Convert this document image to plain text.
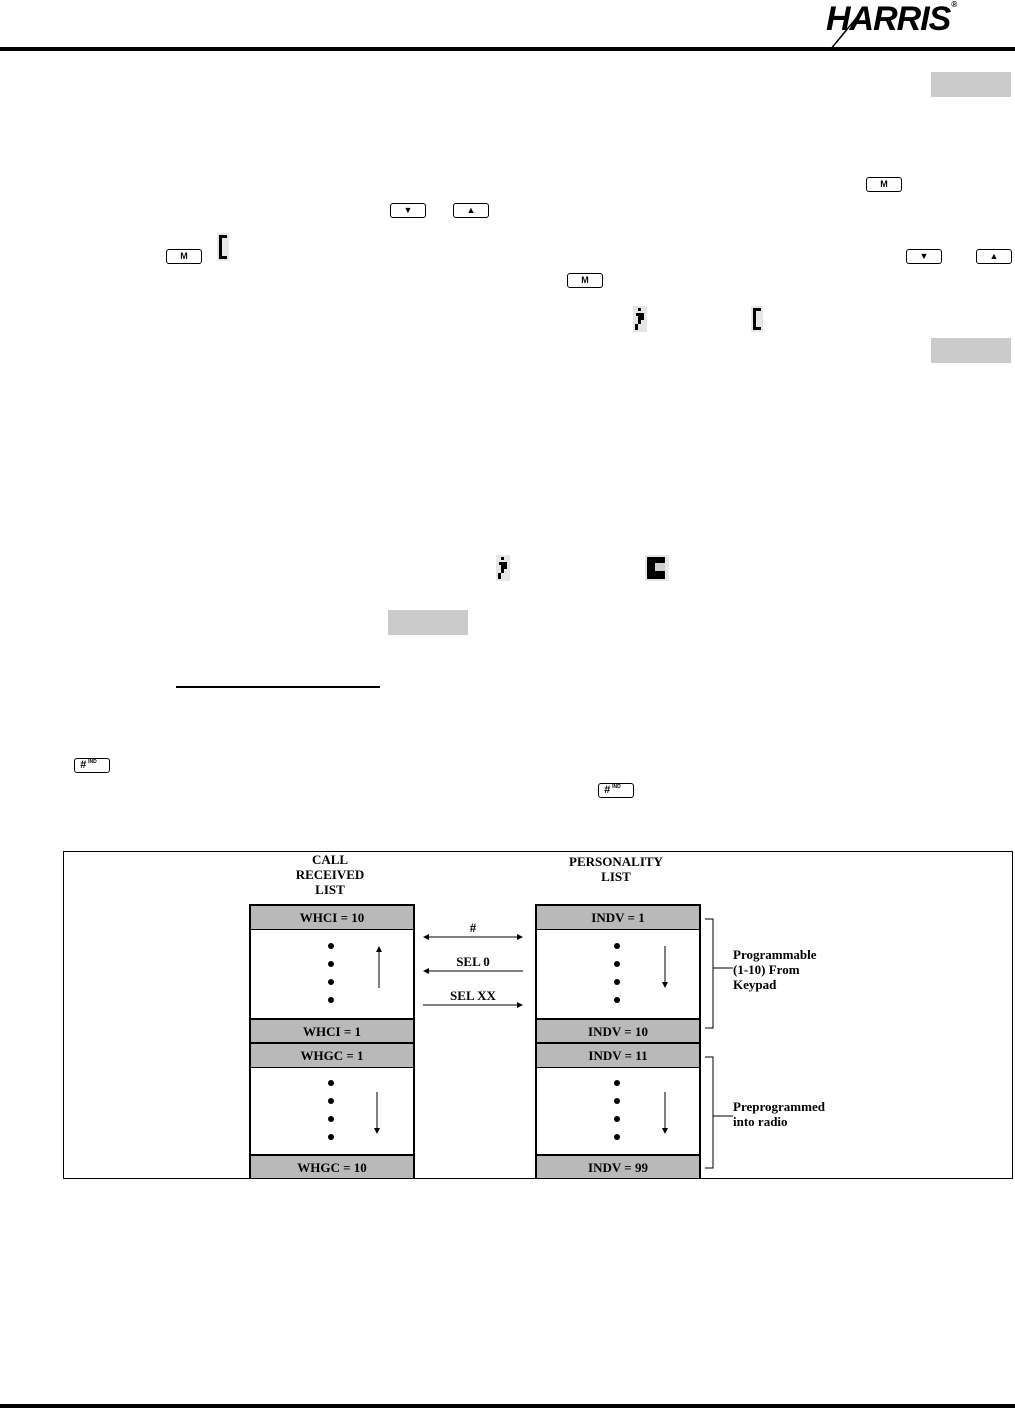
HARRIS®
M
▼	▲
M	▼	▲
M
# $^{IND}$
# $^{IND}$
CALL
RECEIVED
LIST
PERSONALITY
LIST
WHCI = 10
WHCI = 1
WHGC = 1
WHGC = 10
INDV = 1
INDV = 10
INDV = 11
INDV = 99
#
SEL 0
SEL XX
Programmable
(1-10) From
Keypad
Preprogrammed
into radio
